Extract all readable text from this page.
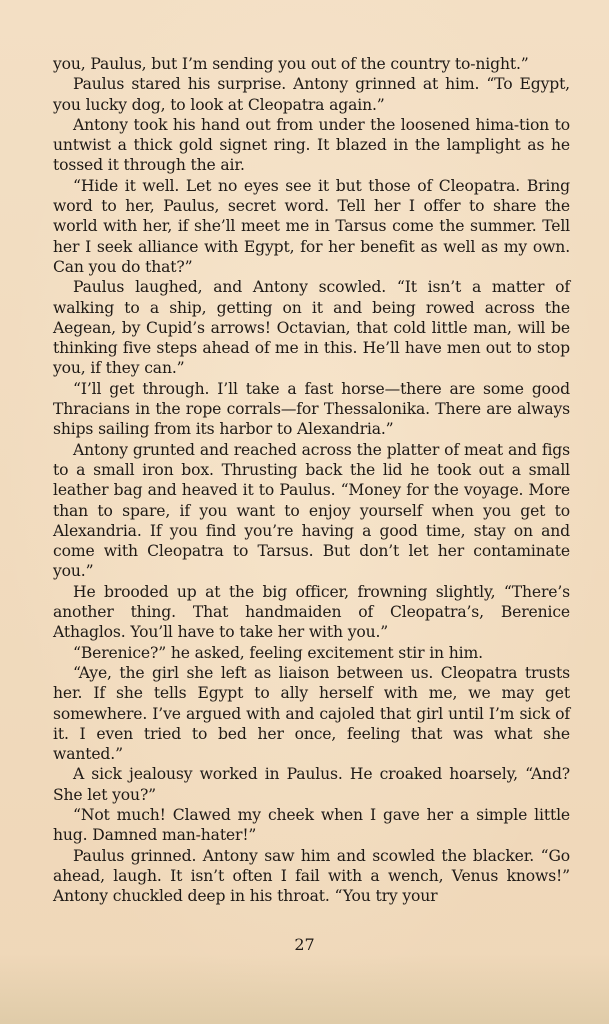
you, Paulus, but I’m sending you out of the country to-night.”

Paulus stared his surprise. Antony grinned at him. “To Egypt, you lucky dog, to look at Cleopatra again.”

Antony took his hand out from under the loosened hima-tion to untwist a thick gold signet ring. It blazed in the lamplight as he tossed it through the air.

“Hide it well. Let no eyes see it but those of Cleopatra. Bring word to her, Paulus, secret word. Tell her I offer to share the world with her, if she’ll meet me in Tarsus come the summer. Tell her I seek alliance with Egypt, for her benefit as well as my own. Can you do that?”

Paulus laughed, and Antony scowled. “It isn’t a matter of walking to a ship, getting on it and being rowed across the Aegean, by Cupid’s arrows! Octavian, that cold little man, will be thinking five steps ahead of me in this. He’ll have men out to stop you, if they can.”

“I’ll get through. I’ll take a fast horse—there are some good Thracians in the rope corrals—for Thessalonika. There are always ships sailing from its harbor to Alexandria.”

Antony grunted and reached across the platter of meat and figs to a small iron box. Thrusting back the lid he took out a small leather bag and heaved it to Paulus. “Money for the voyage. More than to spare, if you want to enjoy yourself when you get to Alexandria. If you find you’re having a good time, stay on and come with Cleopatra to Tarsus. But don’t let her contaminate you.”

He brooded up at the big officer, frowning slightly, “There’s another thing. That handmaiden of Cleopatra’s, Berenice Athaglos. You’ll have to take her with you.”

“Berenice?” he asked, feeling excitement stir in him.

“Aye, the girl she left as liaison between us. Cleopatra trusts her. If she tells Egypt to ally herself with me, we may get somewhere. I’ve argued with and cajoled that girl until I’m sick of it. I even tried to bed her once, feeling that was what she wanted.”

A sick jealousy worked in Paulus. He croaked hoarsely, “And? She let you?”

“Not much! Clawed my cheek when I gave her a simple little hug. Damned man-hater!”

Paulus grinned. Antony saw him and scowled the blacker. “Go ahead, laugh. It isn’t often I fail with a wench, Venus knows!” Antony chuckled deep in his throat. “You try your

27
